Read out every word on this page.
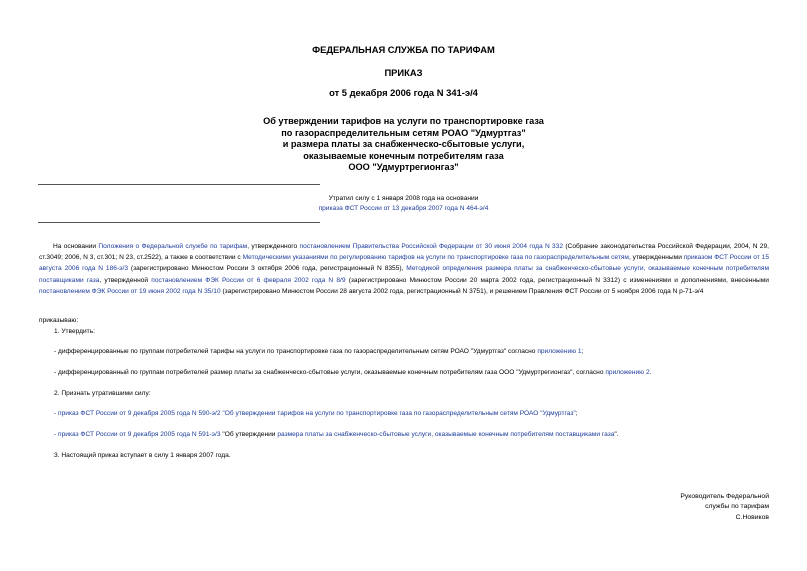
ФЕДЕРАЛЬНАЯ СЛУЖБА ПО ТАРИФАМ
ПРИКАЗ
от 5 декабря 2006 года N 341-э/4
Об утверждении тарифов на услуги по транспортировке газа
по газораспределительным сетям РОАО "Удмуртгаз"
и размера платы за снабженческо-сбытовые услуги,
оказываемые конечным потребителям газа
ООО "Удмуртрегионгаз"
Утратил силу с 1 января 2008 года на основании
приказа ФСТ России от 13 декабря 2007 года N 464-э/4
На основании Положения о Федеральной службе по тарифам, утвержденного постановлением Правительства Российской Федерации от 30 июня 2004 года N 332 (Собрание законодательства Российской Федерации, 2004, N 29, ст.3049; 2006, N 3, ст.301; N 23, ст.2522), а также в соответствии с Методическими указаниями по регулированию тарифов на услуги по транспортировке газа по газораспределительным сетям, утвержденными приказом ФСТ России от 15 августа 2006 года N 186-э/3 (зарегистрировано Минюстом России 3 октября 2006 года, регистрационный N 8355), Методикой определения размера платы за снабженческо-сбытовые услуги, оказываемые конечным потребителям поставщиками газа, утвержденной постановлением ФЭК России от 6 февраля 2002 года N 8/9 (зарегистрировано Минюстом России 20 марта 2002 года, регистрационный N 3312) с изменениями и дополнениями, внесенными постановлением ФЭК России от 19 июня 2002 года N 35/10 (зарегистрировано Минюстом России 28 августа 2002 года, регистрационный N 3751), и решением Правления ФСТ России от 5 ноября 2006 года N р-71-э/4
приказываю:
1. Утвердить:
- дифференцированные по группам потребителей тарифы на услуги по транспортировке газа по газораспределительным сетям РОАО "Удмуртгаз" согласно приложению 1;
- дифференцированный по группам потребителей размер платы за снабженческо-сбытовые услуги, оказываемые конечным потребителям газа ООО "Удмуртрегионгаз", согласно приложению 2.
2. Признать утратившими силу:
- приказ ФСТ России от 9 декабря 2005 года N 590-э/2 "Об утверждении тарифов на услуги по транспортировке газа по газораспределительным сетям РОАО "Удмуртгаз";
- приказ ФСТ России от 9 декабря 2005 года N 591-э/3 "Об утверждении размера платы за снабженческо-сбытовые услуги, оказываемые конечным потребителям поставщиками газа".
3. Настоящий приказ вступает в силу 1 января 2007 года.
Руководитель Федеральной
службы по тарифам
С.Новиков
